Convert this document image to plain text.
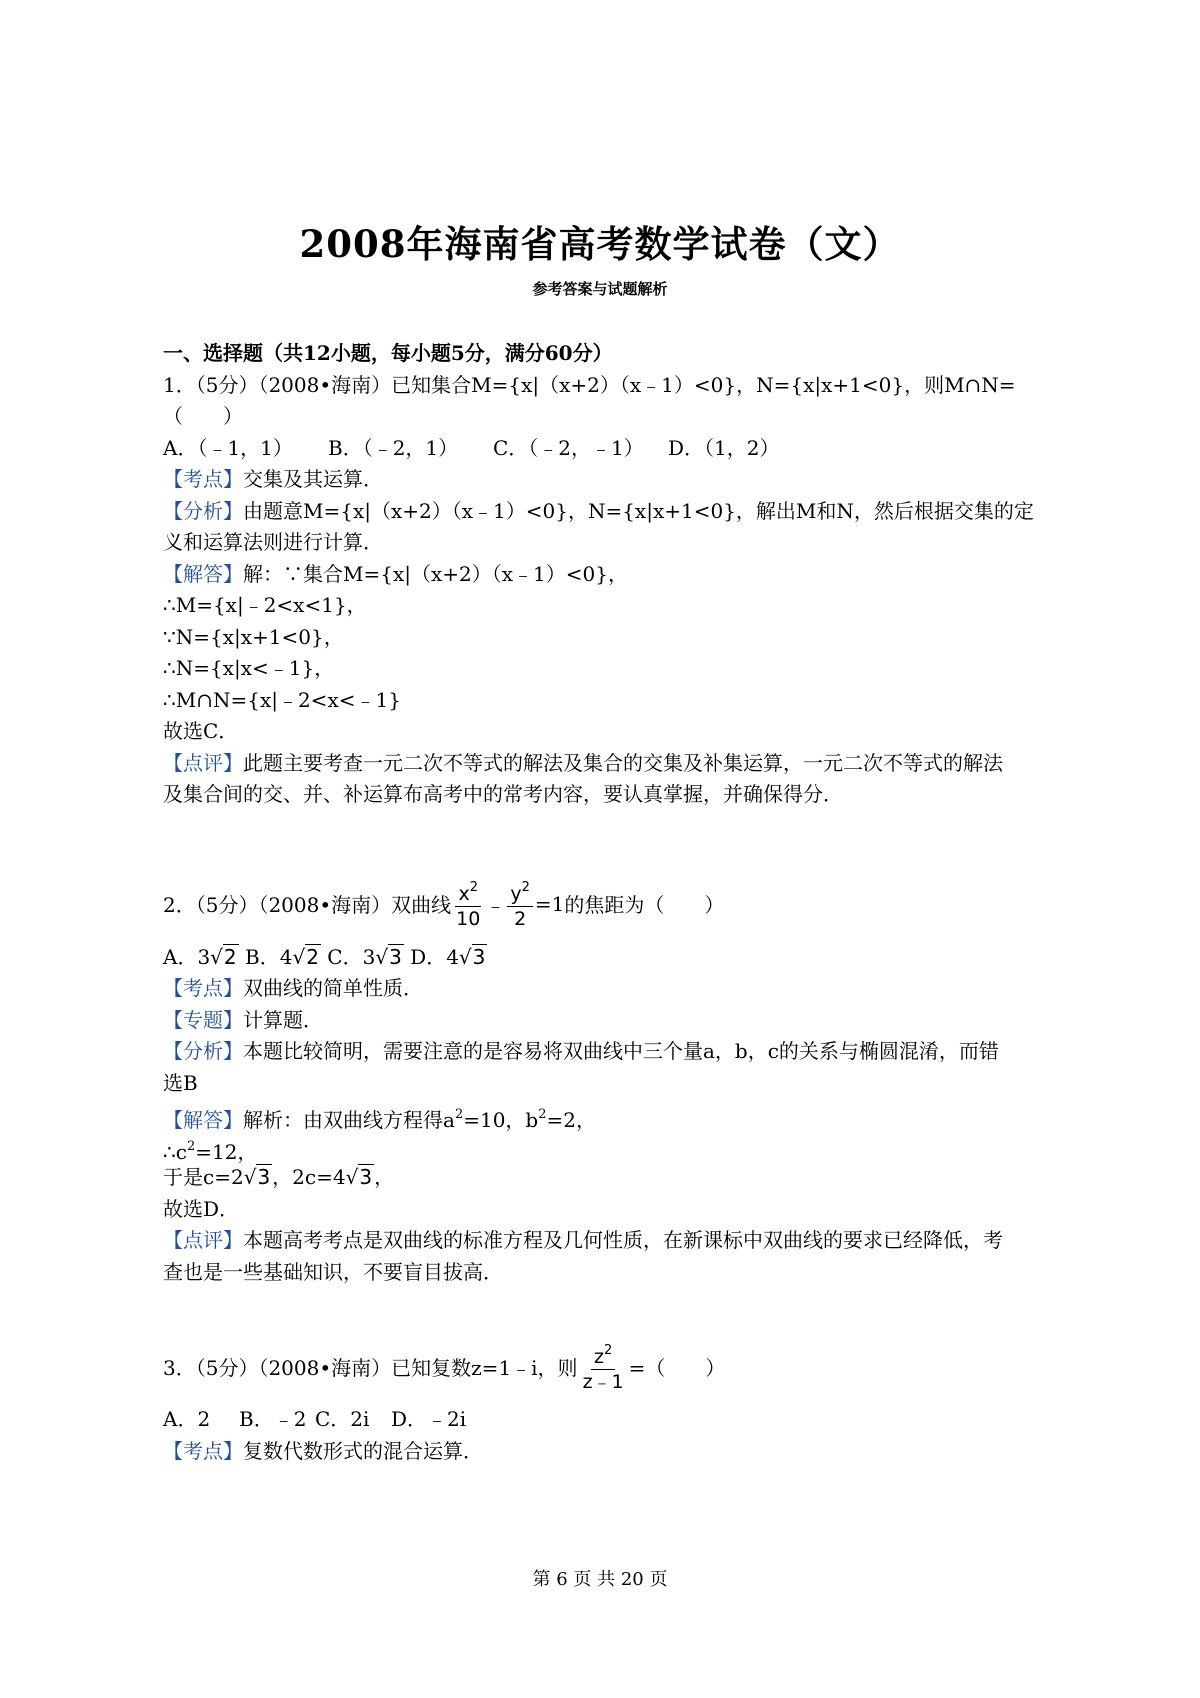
2008年海南省高考数学试卷（文）
参考答案与试题解析
一、选择题（共12小题，每小题5分，满分60分）
1．（5分）（2008•海南）已知集合M={x|（x+2）（x﹣1）<0}，N={x|x+1<0}，则M∩N=
（　　）
A．（﹣1，1） B．（﹣2，1） C．（﹣2，﹣1） D．（1，2）
【考点】交集及其运算．
【分析】由题意M={x|（x+2）（x﹣1）<0}，N={x|x+1<0}，解出M和N，然后根据交集的定
义和运算法则进行计算．
【解答】解：∵集合M={x|（x+2）（x﹣1）<0}，
∴M={x|﹣2<x<1}，
∵N={x|x+1<0}，
∴N={x|x<﹣1}，
∴M∩N={x|﹣2<x<﹣1}
故选C．
【点评】此题主要考查一元二次不等式的解法及集合的交集及补集运算，一元二次不等式的解法
及集合间的交、并、补运算布高考中的常考内容，要认真掌握，并确保得分．
2．（5分）（2008•海南）双曲线 $\frac{x^2}{10}$ ﹣ $\frac{y^2}{2} =1$ 的焦距为（　　）
A．3√2 B．4√2 C．3√3 D．4√3
【考点】双曲线的简单性质．
【专题】计算题．
【分析】本题比较简明，需要注意的是容易将双曲线中三个量a，b，c的关系与椭圆混淆，而错
选B
【解答】解析：由双曲线方程得$a^2=10$，$b^2=2$，
$\therefore c^2=12$，
于是c=2√3 ，2c=4√3 ，
故选D．
【点评】本题高考考点是双曲线的标准方程及几何性质，在新课标中双曲线的要求已经降低，考
查也是一些基础知识，不要盲目拔高．
3．（5分）（2008•海南）已知复数z=1﹣i，则 $\frac{z^2}{z﹣1}$ =（　　）
A．2 B．﹣2 C．2i D．﹣2i
【考点】复数代数形式的混合运算．
第 6 页 共 20 页
